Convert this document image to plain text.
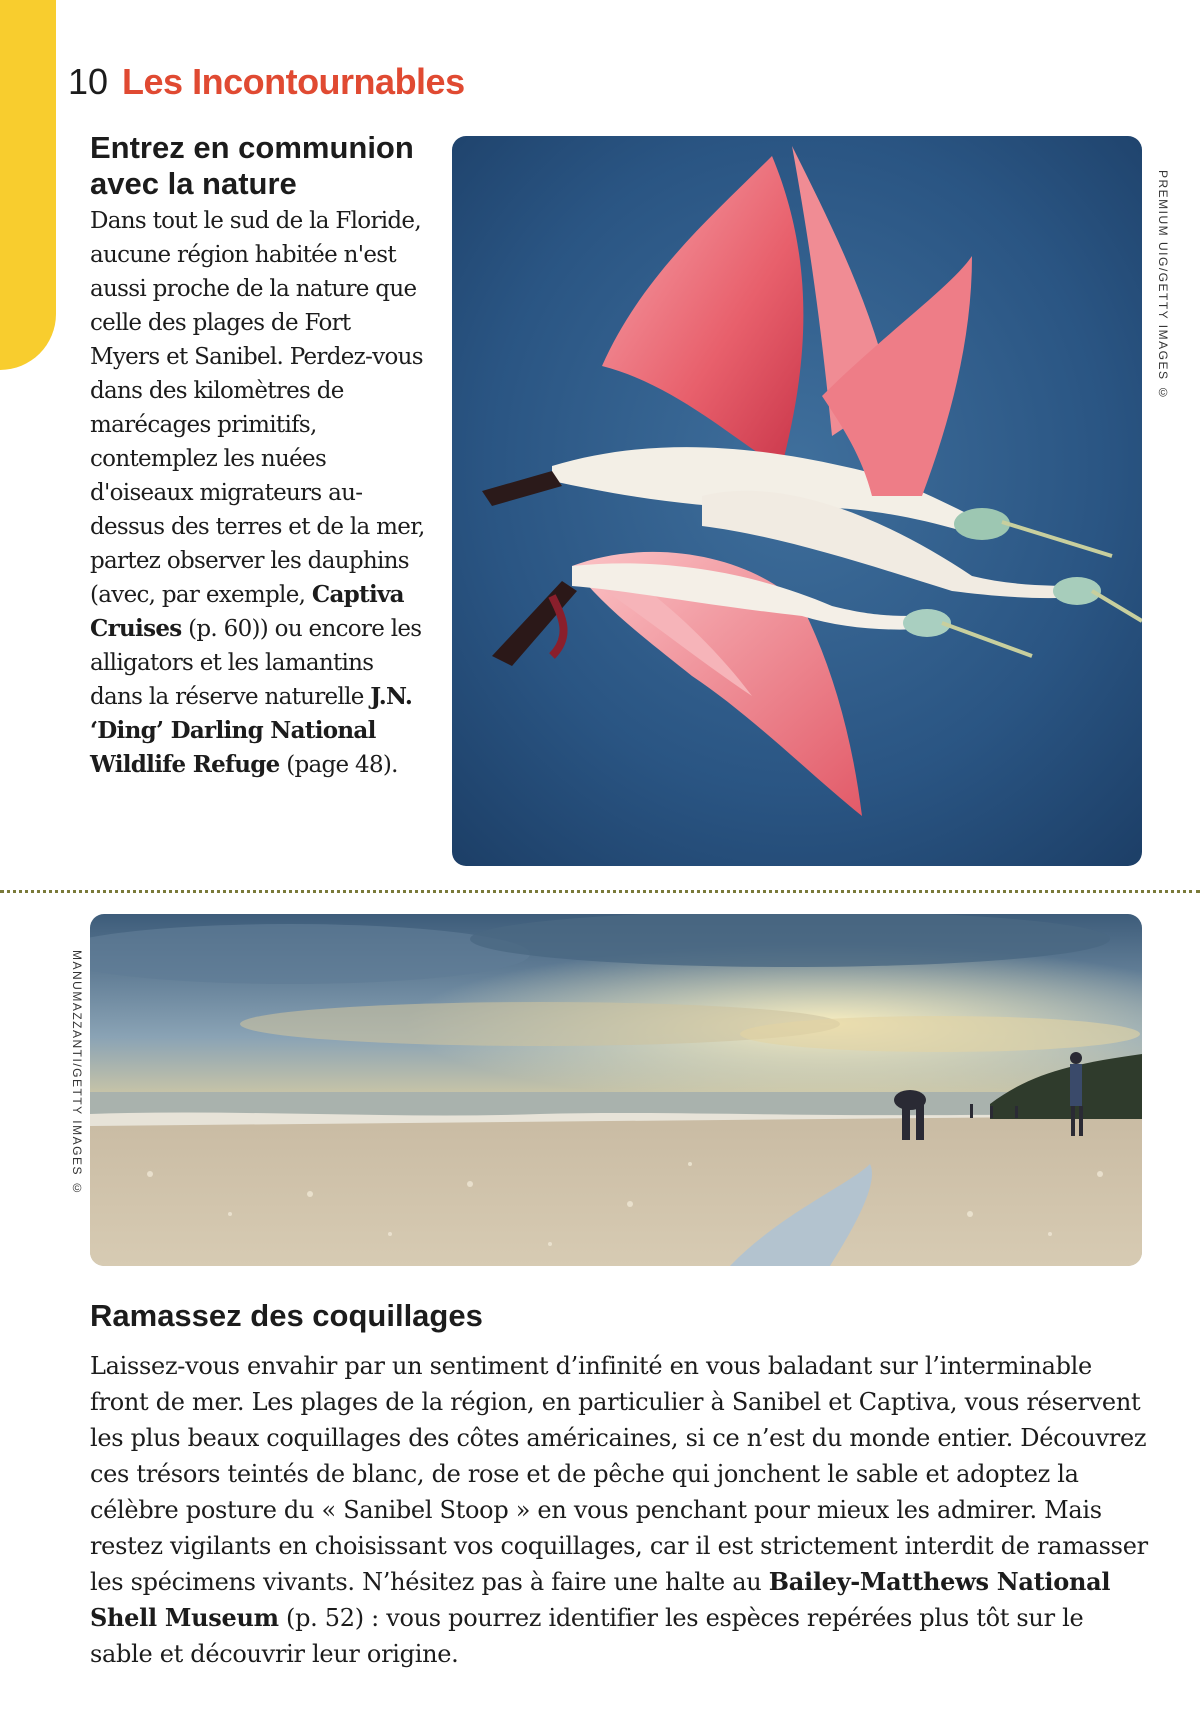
10 Les Incontournables
Entrez en communion avec la nature

Dans tout le sud de la Floride, aucune région habitée n'est aussi proche de la nature que celle des plages de Fort Myers et Sanibel. Perdez-vous dans des kilomètres de marécages primitifs, contemplez les nuées d'oiseaux migrateurs au-dessus des terres et de la mer, partez observer les dauphins (avec, par exemple, Captiva Cruises (p. 60)) ou encore les alligators et les lamantins dans la réserve naturelle J.N. ‘Ding’ Darling National Wildlife Refuge (page 48).

PREMIUM UIG/GETTY IMAGES ©
MANUMAZZANTI/GETTY IMAGES ©
Ramassez des coquillages

Laissez-vous envahir par un sentiment d’infinité en vous baladant sur l’interminable front de mer. Les plages de la région, en particulier à Sanibel et Captiva, vous réservent les plus beaux coquillages des côtes américaines, si ce n’est du monde entier. Découvrez ces trésors teintés de blanc, de rose et de pêche qui jonchent le sable et adoptez la célèbre posture du « Sanibel Stoop » en vous penchant pour mieux les admirer. Mais restez vigilants en choisissant vos coquillages, car il est strictement interdit de ramasser les spécimens vivants. N’hésitez pas à faire une halte au Bailey-Matthews National Shell Museum (p. 52) : vous pourrez identifier les espèces repérées plus tôt sur le sable et découvrir leur origine.
